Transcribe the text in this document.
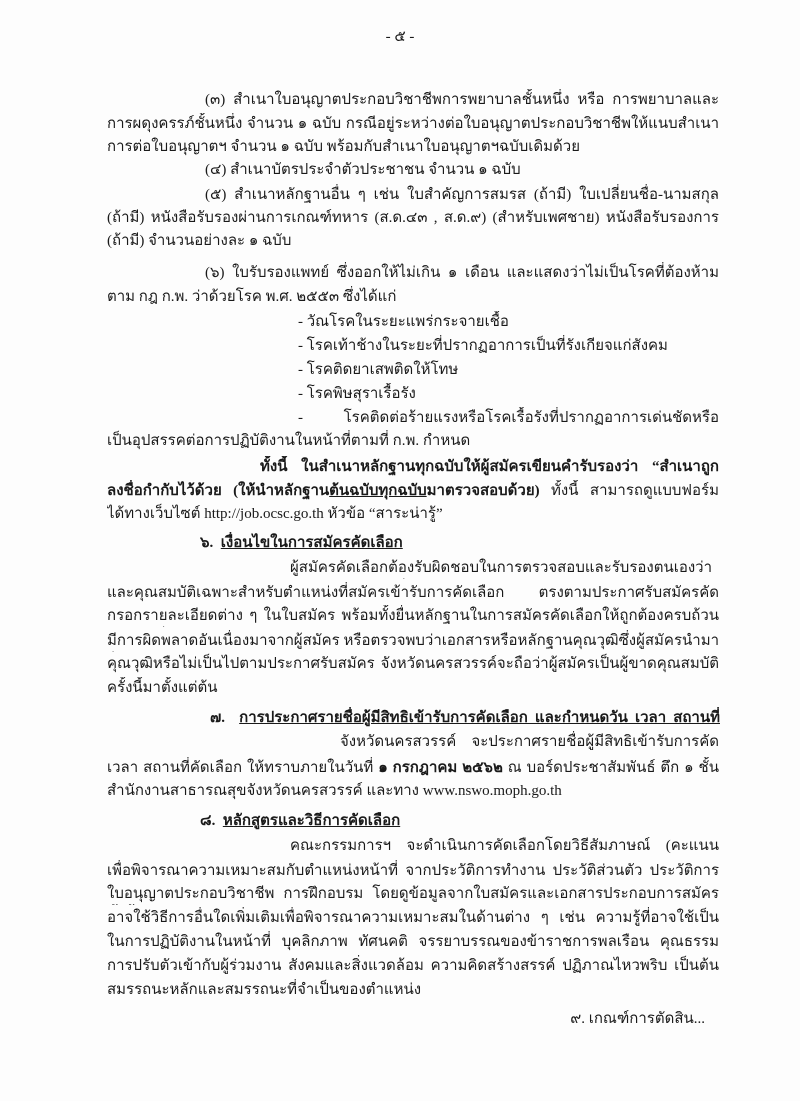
- ๕ -
(๓) สำเนาใบอนุญาตประกอบวิชาชีพการพยาบาลชั้นหนึ่ง หรือ การพยาบาลและ
การผดุงครรภ์ชั้นหนึ่ง จำนวน ๑ ฉบับ กรณีอยู่ระหว่างต่อใบอนุญาตประกอบวิชาชีพให้แนบสำเนา
การต่อใบอนุญาตฯ จำนวน ๑ ฉบับ พร้อมกับสำเนาใบอนุญาตฯฉบับเดิมด้วย
(๔) สำเนาบัตรประจำตัวประชาชน จำนวน ๑ ฉบับ
(๕) สำเนาหลักฐานอื่น ๆ เช่น ใบสำคัญการสมรส (ถ้ามี) ใบเปลี่ยนชื่อ-นามสกุล
(ถ้ามี) หนังสือรับรองผ่านการเกณฑ์ทหาร (ส.ด.๔๓ , ส.ด.๙) (สำหรับเพศชาย) หนังสือรับรองการ
(ถ้ามี) จำนวนอย่างละ ๑ ฉบับ
(๖) ใบรับรองแพทย์ ซึ่งออกให้ไม่เกิน ๑ เดือน และแสดงว่าไม่เป็นโรคที่ต้องห้าม
ตาม กฎ ก.พ. ว่าด้วยโรค พ.ศ. ๒๕๕๓ ซึ่งได้แก่
- วัณโรคในระยะแพร่กระจายเชื้อ
- โรคเท้าช้างในระยะที่ปรากฏอาการเป็นที่รังเกียจแก่สังคม
- โรคติดยาเสพติดให้โทษ
- โรคพิษสุราเรื้อรัง
- โรคติดต่อร้ายแรงหรือโรคเรื้อรังที่ปรากฏอาการเด่นชัดหรือ
เป็นอุปสรรคต่อการปฏิบัติงานในหน้าที่ตามที่ ก.พ. กำหนด
ทั้งนี้ ในสำเนาหลักฐานทุกฉบับให้ผู้สมัครเขียนคำรับรองว่า “สำเนาถูก
ลงชื่อกำกับไว้ด้วย (ให้นำหลักฐานต้นฉบับทุกฉบับมาตรวจสอบด้วย) ทั้งนี้ สามารถดูแบบฟอร์ม
ได้ทางเว็บไซต์ http://job.ocsc.go.th หัวข้อ “สาระน่ารู้”
๖. เงื่อนไขในการสมัครคัดเลือก
ผู้สมัครคัดเลือกต้องรับผิดชอบในการตรวจสอบและรับรองตนเองว่า
และคุณสมบัติเฉพาะสำหรับตำแหน่งที่สมัครเข้ารับการคัดเลือก ตรงตามประกาศรับสมัครคัด
กรอกรายละเอียดต่าง ๆ ในใบสมัคร พร้อมทั้งยื่นหลักฐานในการสมัครคัดเลือกให้ถูกต้องครบถ้วน
มีการผิดพลาดอันเนื่องมาจากผู้สมัคร หรือตรวจพบว่าเอกสารหรือหลักฐานคุณวุฒิซึ่งผู้สมัครนำมา
คุณวุฒิหรือไม่เป็นไปตามประกาศรับสมัคร จังหวัดนครสวรรค์จะถือว่าผู้สมัครเป็นผู้ขาดคุณสมบัติ
ครั้งนี้มาตั้งแต่ต้น
๗. การประกาศรายชื่อผู้มีสิทธิเข้ารับการคัดเลือก และกำหนดวัน เวลา สถานที่
จังหวัดนครสวรรค์ จะประกาศรายชื่อผู้มีสิทธิเข้ารับการคัด
เวลา สถานที่คัดเลือก ให้ทราบภายในวันที่ ๑ กรกฎาคม ๒๕๖๒ ณ บอร์ดประชาสัมพันธ์ ตึก ๑ ชั้น
สำนักงานสาธารณสุขจังหวัดนครสวรรค์ และทาง www.nswo.moph.go.th
๘. หลักสูตรและวิธีการคัดเลือก
คณะกรรมการฯ จะดำเนินการคัดเลือกโดยวิธีสัมภาษณ์ (คะแนน
เพื่อพิจารณาความเหมาะสมกับตำแหน่งหน้าที่ จากประวัติการทำงาน ประวัติส่วนตัว ประวัติการ
ใบอนุญาตประกอบวิชาชีพ การฝึกอบรม โดยดูข้อมูลจากใบสมัครและเอกสารประกอบการสมัคร
อาจใช้วิธีการอื่นใดเพิ่มเติมเพื่อพิจารณาความเหมาะสมในด้านต่าง ๆ เช่น ความรู้ที่อาจใช้เป็น
ในการปฏิบัติงานในหน้าที่ บุคลิกภาพ ทัศนคติ จรรยาบรรณของข้าราชการพลเรือน คุณธรรม
การปรับตัวเข้ากับผู้ร่วมงาน สังคมและสิ่งแวดล้อม ความคิดสร้างสรรค์ ปฏิภาณไหวพริบ เป็นต้น
สมรรถนะหลักและสมรรถนะที่จำเป็นของตำแหน่ง
๙. เกณฑ์การตัดสิน...
